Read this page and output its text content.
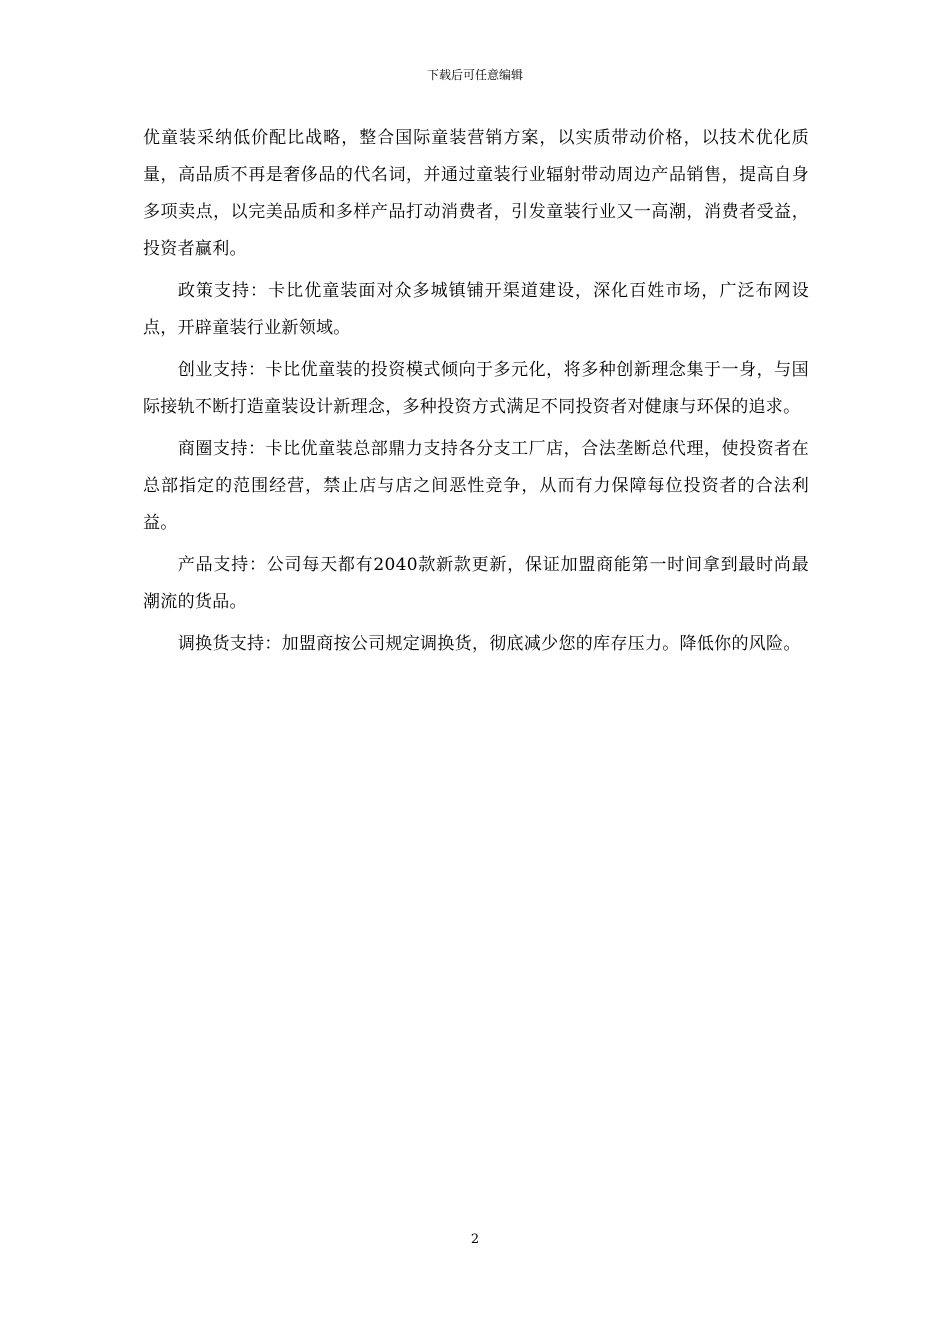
下载后可任意编辑

优童装采纳低价配比战略，整合国际童装营销方案，以实质带动价格，以技术优化质量，高品质不再是奢侈品的代名词，并通过童装行业辐射带动周边产品销售，提高自身多项卖点，以完美品质和多样产品打动消费者，引发童装行业又一高潮，消费者受益，投资者赢利。

政策支持：卡比优童装面对众多城镇铺开渠道建设，深化百姓市场，广泛布网设点，开辟童装行业新领域。

创业支持：卡比优童装的投资模式倾向于多元化，将多种创新理念集于一身，与国际接轨不断打造童装设计新理念，多种投资方式满足不同投资者对健康与环保的追求。

商圈支持：卡比优童装总部鼎力支持各分支工厂店，合法垄断总代理，使投资者在总部指定的范围经营，禁止店与店之间恶性竞争，从而有力保障每位投资者的合法利益。

产品支持：公司每天都有2040款新款更新，保证加盟商能第一时间拿到最时尚最潮流的货品。

调换货支持：加盟商按公司规定调换货，彻底减少您的库存压力。降低你的风险。

2
